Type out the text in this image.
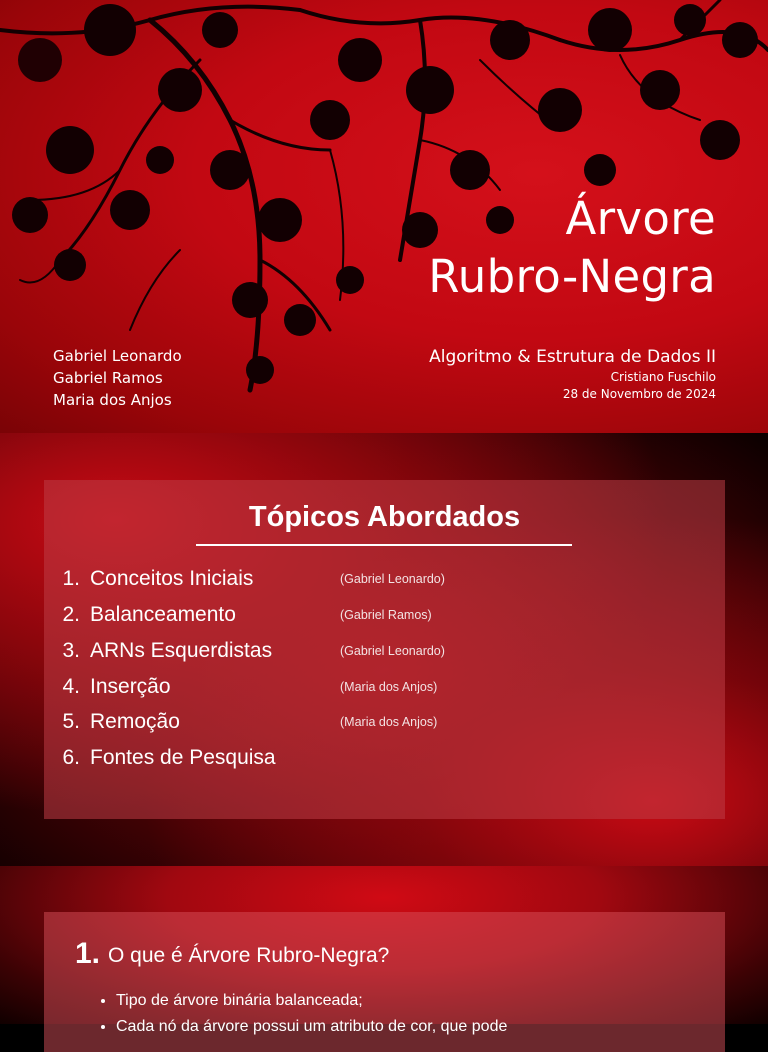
Árvore
Rubro-Negra
Gabriel Leonardo
Gabriel Ramos
Maria dos Anjos
Algoritmo & Estrutura de Dados II
Cristiano Fuschilo
28 de Novembro de 2024
Tópicos Abordados
1. Conceitos Iniciais	(Gabriel Leonardo)
2. Balanceamento	(Gabriel Ramos)
3. ARNs Esquerdistas	(Gabriel Leonardo)
4. Inserção	(Maria dos Anjos)
5. Remoção	(Maria dos Anjos)
6. Fontes de Pesquisa
1. O que é Árvore Rubro-Negra?
• Tipo de árvore binária balanceada;
• Cada nó da árvore possui um atributo de cor, que pode
